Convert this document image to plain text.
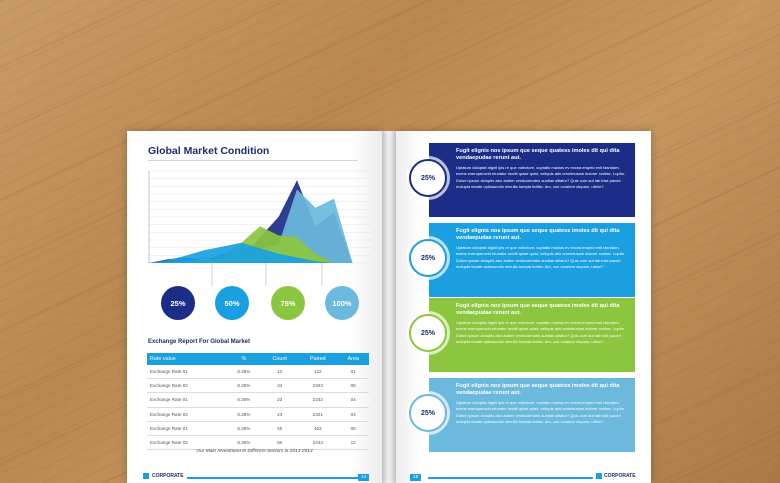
Global Market Condition
25%	50%	75%	100%
Exchange Report For Global Market
Rate value	%	Count	Paired	Area
Exchange Rate 01	8.35%	12	122	01
Exchange Rate 02	6.35%	34	2343	08
Exchange Rate 01	6.35%	23	2342	04
Exchange Rate 02	8.35%	23	2321	04
Exchange Rate 01	6.35%	45	453	06
Exchange Rate 02	8.35%	56	2243	12
Our Main Investment In Different Sectors in 2013-2014
CORPORATE	14
25%
Fugit elignis nos ipsum que seque quatess imoles dit qui dita vendaepudae rerunt aut.

Uptatum doluptat dignit ipis re que volectore, cuptatio maxius ev excea ersped enit blandam, evens exeroperovid eturiatur modit quiae quist, veliquis aito omnimusam dolorer rovitae. Luptio. Dolum ipsum doluptis atur autem venduciendes suntias sitiatur? Quis cum aut lab inist parcid molupta tecate optiosundio minulla turepta tiotitio. Am, con coratem olupam, uteiur?

25%
Fugit elignis nos ipsum que seque quatess imoles dit qui dita vendaepudae rerunt aut.

Uptatum doluptat dignit ipis re que volectore, cuptatio maxius ev excea ersped enit blandam, evens exeroperovid eturiatur modit quiae quist, veliquis aito omnimusam dolorer rovitae. Luptio. Dolum ipsum doluptis atur autem venduciendes suntias sitiatur? Quis cum aut lab inist parcid molupta tecate optiosundio minulla turepta tiotitio. Am, con coratem olupam, uteiur?

25%
Fugit elignis nos ipsum que seque quatess imoles dit qui dita vendaepudae rerunt aut.

Uptatum doluptat dignit ipis re que volectore, cuptatio maxius ev excea ersped enit blandam, evens exeroperovid eturiatur modit quiae quist, veliquis aito omnimusam dolorer rovitae. Luptio. Dolum ipsum doluptis atur autem venduciendes suntias sitiatur? Quis cum aut lab inist parcid molupta tecate optiosundio minulla turepta tiotitio. Am, con coratem olupam, uteiur?

25%
Fugit elignis nos ipsum que seque quatess imoles dit qui dita vendaepudae rerunt aut.

Uptatum doluptat dignit ipis re que volectore, cuptatio maxius ev excea ersped enit blandam, evens exeroperovid eturiatur modit quiae quist, veliquis aito omnimusam dolorer rovitae. Luptio. Dolum ipsum doluptis atur autem venduciendes suntias sitiatur? Quis cum aut lab inist parcid molupta tecate optiosundio minulla turepta tiotitio. Am, con coratem olupam, uteiur?

15	CORPORATE
